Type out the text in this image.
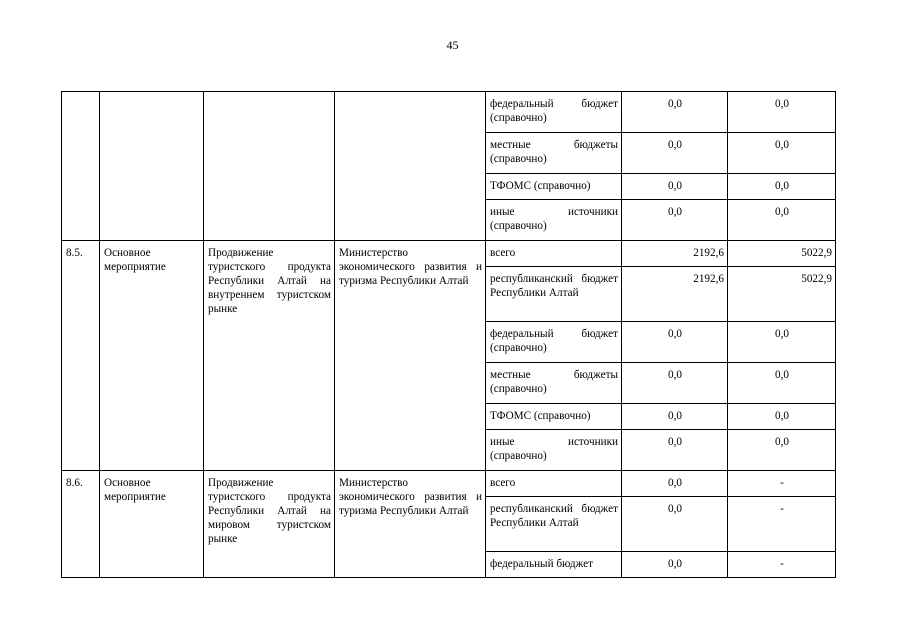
45
				федеральный бюджет (справочно)	0,0	0,0
				местные бюджеты (справочно)	0,0	0,0
				ТФОМС (справочно)	0,0	0,0
				иные источники (справочно)	0,0	0,0
8.5.	Основное мероприятие	Продвижение туристского продукта Республики Алтай на внутреннем туристском рынке	Министерство экономического развития и туризма Республики Алтай	всего	2192,6	5022,9
				республиканский бюджет Республики Алтай	2192,6	5022,9
				федеральный бюджет (справочно)	0,0	0,0
				местные бюджеты (справочно)	0,0	0,0
				ТФОМС (справочно)	0,0	0,0
				иные источники (справочно)	0,0	0,0
8.6.	Основное мероприятие	Продвижение туристского продукта Республики Алтай на мировом туристском рынке	Министерство экономического развития и туризма Республики Алтай	всего	0,0	-
				республиканский бюджет Республики Алтай	0,0	-
				федеральный бюджет	0,0	-
